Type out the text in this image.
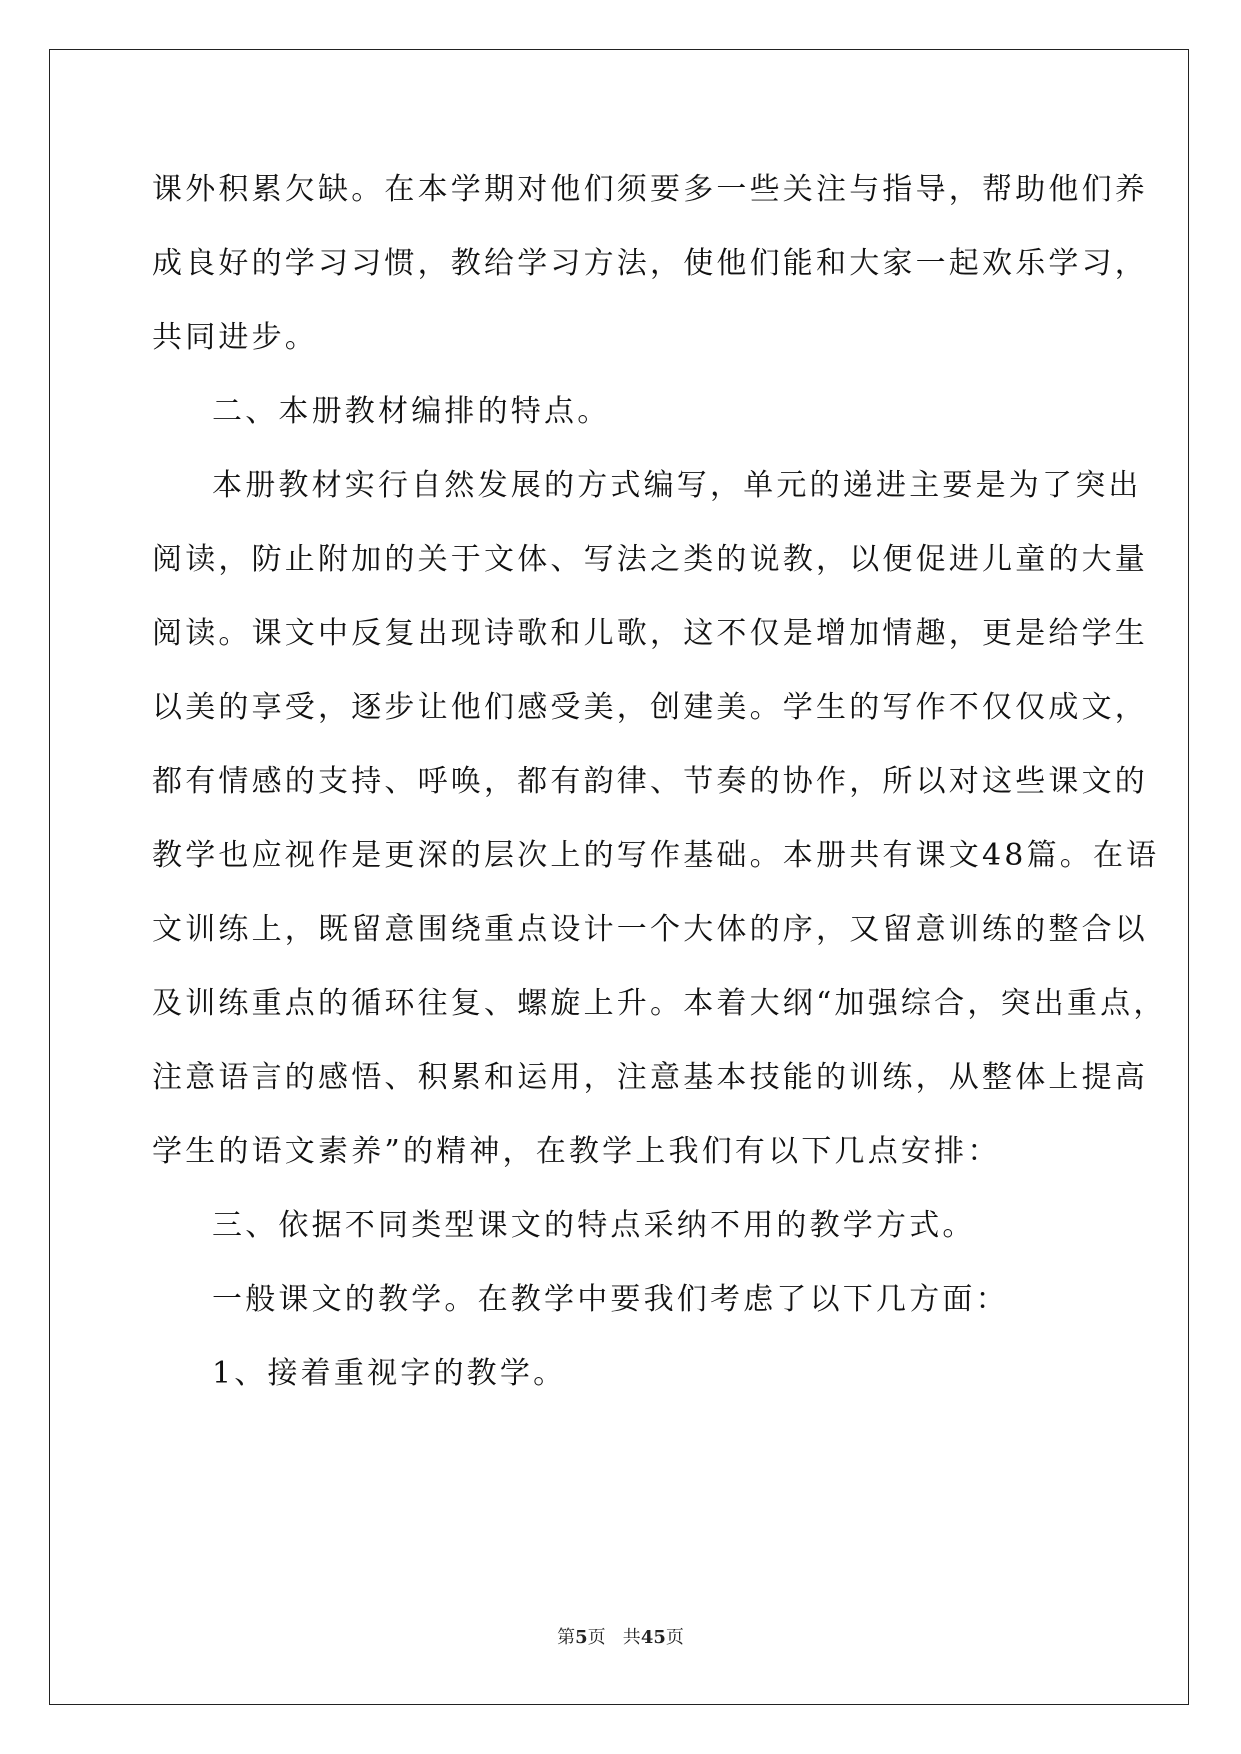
课外积累欠缺。在本学期对他们须要多一些关注与指导，帮助他们养
成良好的学习习惯，教给学习方法，使他们能和大家一起欢乐学习，
共同进步。
二、本册教材编排的特点。
本册教材实行自然发展的方式编写，单元的递进主要是为了突出
阅读，防止附加的关于文体、写法之类的说教，以便促进儿童的大量
阅读。课文中反复出现诗歌和儿歌，这不仅是增加情趣，更是给学生
以美的享受，逐步让他们感受美，创建美。学生的写作不仅仅成文，
都有情感的支持、呼唤，都有韵律、节奏的协作，所以对这些课文的
教学也应视作是更深的层次上的写作基础。本册共有课文48篇。在语
文训练上，既留意围绕重点设计一个大体的序，又留意训练的整合以
及训练重点的循环往复、螺旋上升。本着大纲“加强综合，突出重点，
注意语言的感悟、积累和运用，注意基本技能的训练，从整体上提高
学生的语文素养”的精神，在教学上我们有以下几点安排：
三、依据不同类型课文的特点采纳不用的教学方式。
一般课文的教学。在教学中要我们考虑了以下几方面：
1、接着重视字的教学。
第5页   共45页
